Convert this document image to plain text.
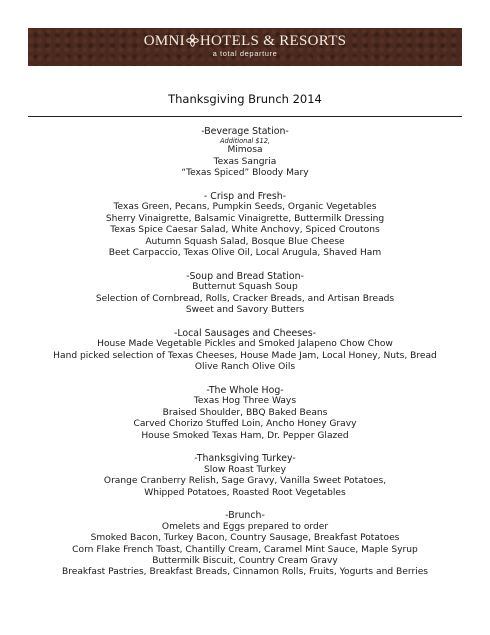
OMNI HOTELS & RESORTS
a total departure
Thanksgiving Brunch 2014
-Beverage Station-
Additional $12,
Mimosa
Texas Sangria
“Texas Spiced” Bloody Mary
- Crisp and Fresh-
Texas Green, Pecans, Pumpkin Seeds, Organic Vegetables
Sherry Vinaigrette, Balsamic Vinaigrette, Buttermilk Dressing
Texas Spice Caesar Salad, White Anchovy, Spiced Croutons
Autumn Squash Salad, Bosque Blue Cheese
Beet Carpaccio, Texas Olive Oil, Local Arugula, Shaved Ham
-Soup and Bread Station-
Butternut Squash Soup
Selection of Cornbread, Rolls, Cracker Breads, and Artisan Breads
Sweet and Savory Butters
-Local Sausages and Cheeses-
House Made Vegetable Pickles and Smoked Jalapeno Chow Chow
Hand picked selection of Texas Cheeses, House Made Jam, Local Honey, Nuts, Bread
Olive Ranch Olive Oils
-The Whole Hog-
Texas Hog Three Ways
Braised Shoulder, BBQ Baked Beans
Carved Chorizo Stuffed Loin, Ancho Honey Gravy
House Smoked Texas Ham, Dr. Pepper Glazed
-Thanksgiving Turkey-
Slow Roast Turkey
Orange Cranberry Relish, Sage Gravy, Vanilla Sweet Potatoes,
Whipped Potatoes, Roasted Root Vegetables
-Brunch-
Omelets and Eggs prepared to order
Smoked Bacon, Turkey Bacon, Country Sausage, Breakfast Potatoes
Corn Flake French Toast, Chantilly Cream, Caramel Mint Sauce, Maple Syrup
Buttermilk Biscuit, Country Cream Gravy
Breakfast Pastries, Breakfast Breads, Cinnamon Rolls, Fruits, Yogurts and Berries
